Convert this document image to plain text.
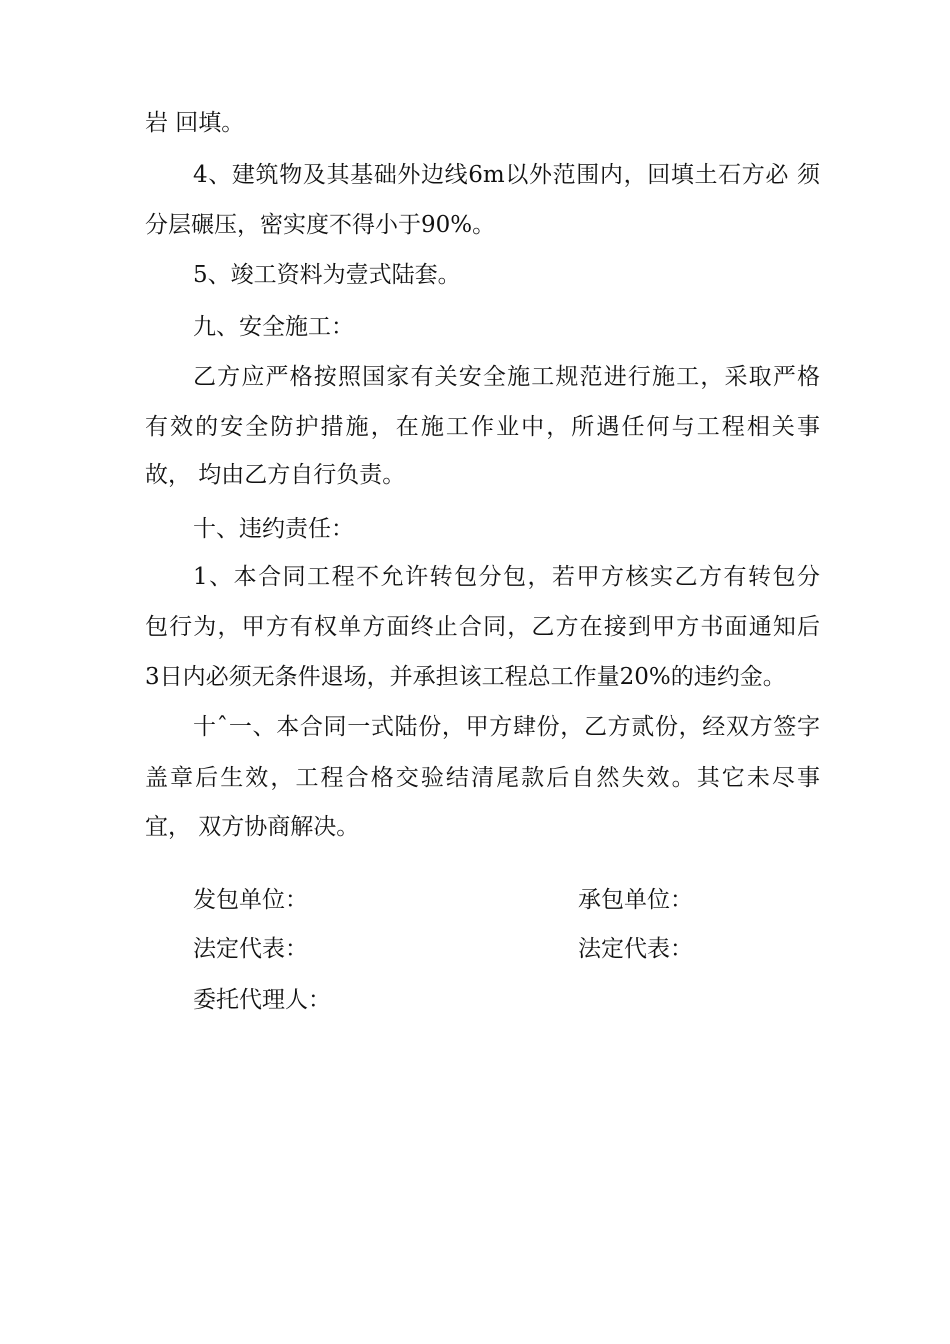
岩 回填。
4、建筑物及其基础外边线6m以外范围内，回填土石方必 须
分层碾压，密实度不得小于90%。
5、竣工资料为壹式陆套。
九、安全施工：
乙方应严格按照国家有关安全施工规范进行施工，采取严格
有效的安全防护措施，在施工作业中，所遇任何与工程相关事
故， 均由乙方自行负责。
十、违约责任：
1、本合同工程不允许转包分包，若甲方核实乙方有转包分
包行为，甲方有权单方面终止合同，乙方在接到甲方书面通知后
3日内必须无条件退场，并承担该工程总工作量20%的违约金。
十ˆ一、本合同一式陆份，甲方肆份，乙方贰份，经双方签字
盖章后生效，工程合格交验结清尾款后自然失效。其它未尽事
宜， 双方协商解决。
发包单位：	承包单位：
法定代表：	法定代表：
委托代理人：
